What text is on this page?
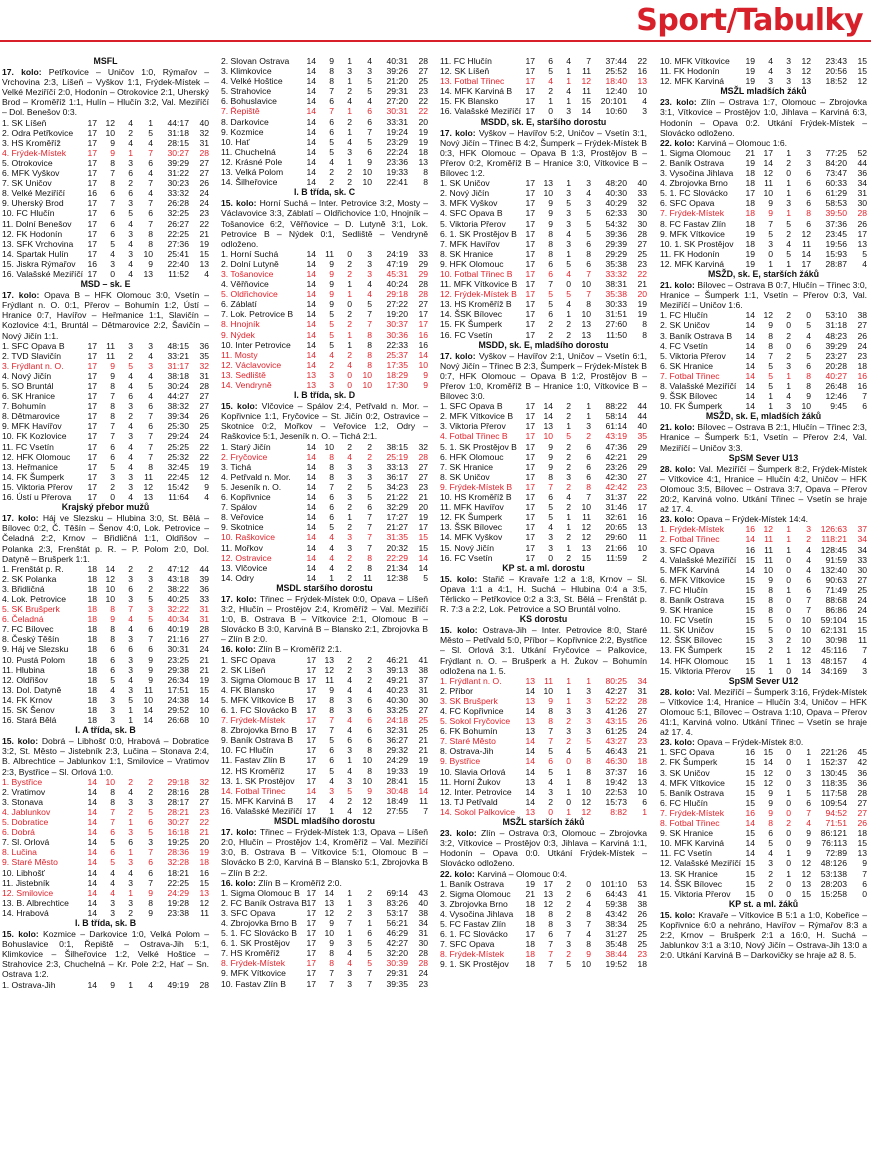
Sport/Tabulky
MSFL
17. kolo: Petřkovice – Uničov 1:0, Rýmařov – Vrchovina 2:3, Líšeň – Vyškov 1:1, Frýdek-Místek – Velké Meziříčí 2:0, Hodonín – Otrokovice 2:1, Uherský Brod – Kroměříž 1:1, Hulín – Hlučín 3:2, Val. Meziříčí – Dol. Benešov 0:3.
1. SK Líšeň	17	12	4	1	44:17	40
2. Odra Petřkovice	17	10	2	5	31:18	32
3. HS Kroměříž	17	9	4	4	28:15	31
4. Frýdek-Místek	17	9	1	7	30:27	28
5. Otrokovice	17	8	3	6	39:29	27
6. MFK Vyškov	17	7	6	4	31:22	27
7. SK Uničov	17	8	2	7	30:23	26
8. Velké Meziříčí	16	6	6	4	33:32	24
9. Uherský Brod	17	7	3	7	26:28	24
10. FC Hlučín	17	6	5	6	32:25	23
11. Dolní Benešov	17	6	4	7	26:27	22
12. FK Hodonín	17	6	3	8	22:25	21
13. SFK Vrchovina	17	5	4	8	27:36	19
14. Spartak Hulín	17	4	3	10	25:41	15
15. Jiskra Rýmařov	16	3	4	9	22:40	13
16. Valašské Meziříčí	17	0	4	13	11:52	4
MSD – sk. E
17. kolo: Opava B – HFK Olomouc 3:0, Vsetín – Frýdlant n. O. 0:1, Přerov – Bohumín 1:2, Ústí – Hranice 0:7, Havířov – Heřmanice 1:1, Slavičín – Kozlovice 4:1, Bruntál – Dětmarovice 2:2, Šavičín – Nový Jičín 1:1.
1. SFC Opava B	17	11	3	3	48:15	36
2. TVD Slavičín	17	11	2	4	33:21	35
3. Frýdlant n. O.	17	9	5	3	31:17	32
4. Nový Jičín	17	9	4	4	38:18	31
5. SO Bruntál	17	8	4	5	30:24	28
6. SK Hranice	17	7	6	4	44:27	27
7. Bohumín	17	8	3	6	38:32	27
8. Dětmarovice	17	8	2	7	39:34	26
9. MFK Havířov	17	7	4	6	25:30	25
10. FK Kozlovice	17	7	3	7	29:24	24
11. FC Vsetín	17	6	4	7	25:25	22
12. HFK Olomouc	17	6	4	7	25:32	22
13. Heřmanice	17	5	4	8	32:45	19
14. FK Šumperk	17	3	3	11	22:45	12
15. Viktoria Přerov	17	2	3	12	15:42	9
16. Ústí u Přerova	17	0	4	13	11:64	4
Krajský přebor mužů
17. kolo: Háj ve Slezsku – Hlubina 3:0, St. Bělá – Bílovec 0:2, Č. Těšín – Šenov 4:0, Lok. Petrovice – Čeladná 2:2, Krnov – Břidličná 1:1, Oldřišov – Polanka 2:3, Frenštát p. R. – P. Polom 2:0, Dol. Datyně – Brušperk 1:1.
1. Frenštát p. R.	18	14	2	2	47:12	44
2. SK Polanka	18	12	3	3	43:18	39
3. Břidličná	18	10	6	2	38:22	36
4. Lok. Petrovice	18	10	3	5	40:25	33
5. SK Brušperk	18	8	7	3	32:22	31
6. Čeladná	18	9	4	5	40:34	31
7. FC Bílovec	18	8	4	6	40:19	28
8. Český Těšín	18	8	3	7	21:16	27
9. Háj ve Slezsku	18	6	6	6	30:31	24
10. Pustá Polom	18	6	3	9	23:25	21
11. Hlubina	18	6	3	9	29:38	21
12. Oldřišov	18	5	4	9	26:34	19
13. Dol. Datyně	18	4	3	11	17:51	15
14. FK Krnov	18	3	5	10	24:38	14
15. SK Šenov	18	3	1	14	29:52	10
16. Stará Bělá	18	3	1	14	26:68	10
I. A třída, sk. B
15. kolo: Dobrá – Libhošť 0:0, Hrabová – Dobratice 3:2, St. Město – Jistebník 2:3, Lučina – Stonava 2:4, B. Albrechtice – Jablunkov 1:1, Smilovice – Vratimov 2:3, Bystřice – Sl. Orlová 1:0.
1. Bystřice	14	10	2	2	29:18	32
2. Vratimov	14	8	4	2	28:16	28
3. Stonava	14	8	3	3	28:17	27
4. Jablunkov	14	7	2	5	28:21	23
5. Dobratice	14	7	1	6	30:27	22
6. Dobrá	14	6	3	5	16:18	21
7. Sl. Orlová	14	5	6	3	19:25	20
8. Lučina	14	6	1	7	28:36	19
9. Staré Město	14	5	3	6	32:28	18
10. Libhošť	14	4	4	6	18:21	16
11. Jistebník	14	4	3	7	22:25	15
12. Smilovice	14	4	1	9	24:29	13
13. B. Albrechtice	14	3	3	8	19:28	12
14. Hrabová	14	3	2	9	23:38	11
I. B třída, sk. B
15. kolo: Kozmice – Darkovice 1:0, Velká Polom – Bohuslavice 0:1, Řepiště – Ostrava-Jih 5:1, Klimkovice – Šilheřovice 1:2, Velké Hoštice – Strahovice 2:3, Chuchelná – Kr. Pole 2:2, Hať – Sn. Ostrava 1:2.
1. Ostrava-Jih	14	9	1	4	49:19	28
2. Slovan Ostrava	14	9	1	4	40:31	28
3. Klimkovice	14	8	3	3	39:26	27
4. Velké Hoštice	14	8	1	5	21:20	25
5. Strahovice	14	7	2	5	29:31	23
6. Bohuslavice	14	6	4	4	27:20	22
7. Řepiště	14	7	1	6	30:31	22
8. Darkovice	14	6	2	6	33:31	20
9. Kozmice	14	6	1	7	19:24	19
10. Hať	14	5	4	5	23:29	19
11. Chuchelná	14	5	3	6	22:24	18
12. Krásné Pole	14	4	1	9	23:36	13
13. Velká Polom	14	2	2	10	19:33	8
14. Šilheřovice	14	2	2	10	22:41	8
I. B třída, sk. C
15. kolo: Horní Suchá – Inter. Petrovice 3:2, Mosty – Václavovice 3:3, Záblatí – Oldřichovice 1:0, Hnojník – Tošanovice 6:2, Věřňovice – D. Lutyně 3:1, Lok. Petrovice B – Nýdek 0:1, Sedliště – Vendryně odloženo.
1. Horní Suchá	14	11	0	3	24:19	33
2. Dolní Lutyně	14	9	2	3	47:19	29
3. Tošanovice	14	9	2	3	45:31	29
4. Věřňovice	14	9	1	4	40:24	28
5. Oldřichovice	14	9	1	4	29:18	28
6. Záblatí	14	9	0	5	27:22	27
7. Lok. Petrovice B	14	5	2	7	19:20	17
8. Hnojník	14	5	2	7	30:37	17
9. Nýdek	14	5	1	8	30:36	16
10. Inter Petrovice	14	5	1	8	22:33	16
11. Mosty	14	4	2	8	25:37	14
12. Václavovice	14	2	4	8	17:35	10
13. Sedliště	13	3	0	10	18:29	9
14. Vendryně	13	3	0	10	17:30	9
I. B třída, sk. D
15. kolo: Vlčovice – Spálov 2:4, Petřvald n. Mor. – Kopřivnice 1:1, Fryčovice – St. Jičín 0:2, Ostravice – Skotnice 0:2, Mořkov – Veřovice 1:2, Odry – Raškovice 5:1, Jeseník n. O. – Tichá 2:1.
1. Starý Jičín	14	10	2	2	38:15	32
2. Fryčovice	14	8	4	2	25:19	28
3. Tichá	14	8	3	3	33:13	27
4. Petřvald n. Mor.	14	8	3	3	36:17	27
5. Jeseník n. O.	14	7	2	5	34:23	23
6. Kopřivnice	14	6	3	5	21:22	21
7. Spálov	14	6	2	6	32:29	20
8. Veřovice	14	6	1	7	17:27	19
9. Skotnice	14	5	2	7	21:27	17
10. Raškovice	14	4	3	7	31:35	15
11. Mořkov	14	4	3	7	20:32	15
12. Ostravice	14	4	2	8	22:29	14
13. Vlčovice	14	4	2	8	21:34	14
14. Odry	14	1	2	11	12:38	5
MSDL staršího dorostu
17. kolo: Třinec – Frýdek-Místek 0:0, Opava – Líšeň 3:2, Hlučín – Prostějov 2:4, Kroměříž – Val. Meziříčí 1:0, B. Ostrava B – Vítkovice 2:1, Olomouc B – Slovácko B 3:0, Karviná B – Blansko 2:1, Zbrojovka B – Zlín B 2:0.
16. kolo: Zlín B – Kroměříž 2:1.
1. SFC Opava	17	13	2	2	46:21	41
2. SK Líšeň	17	12	2	3	39:13	38
3. Sigma Olomouc B	17	11	4	2	49:21	37
4. FK Blansko	17	9	4	4	40:23	31
5. MFK Vítkovice B	17	8	3	6	40:30	30
6. 1. FC Slovácko B	17	8	3	6	33:25	27
7. Frýdek-Místek	17	7	4	6	24:18	25
8. Zbrojovka Brno B	17	7	4	6	32:31	25
9. Baník Ostrava B	17	5	6	6	36:27	21
10. FC Hlučín	17	6	3	8	29:32	21
11. Fastav Zlín B	17	6	1	10	24:29	19
12. HS Kroměříž	17	5	4	8	19:33	19
13. 1. SK Prostějov	17	4	3	10	28:41	15
14. Fotbal Třinec	14	3	5	9	30:48	14
15. MFK Karviná B	17	4	2	12	18:49	11
16. Valašské Meziříčí	17	1	4	12	27:55	7
MSDL mladšího dorostu
17. kolo: Třinec – Frýdek-Místek 1:3, Opava – Líšeň 2:0, Hlučín – Prostějov 1:4, Kroměříž – Val. Meziříčí 3:0, B. Ostrava B – Vítkovice 5:1, Olomouc B – Slovácko B 2:0, Karviná B – Blansko 5:1, Zbrojovka B – Zlín B 2:2.
16. kolo: Zlín B – Kroměříž 2:0.
1. Sigma Olomouc B	17	14	1	2	69:14	43
2. FC Baník Ostrava B	17	13	1	3	83:26	40
3. SFC Opava	17	12	2	3	53:17	38
4. Zbrojovka Brno B	17	9	7	1	56:21	34
5. 1. FC Slovácko B	17	10	1	6	46:29	31
6. 1. SK Prostějov	17	9	3	5	42:27	30
7. HS Kroměříž	17	8	4	5	32:20	28
8. Frýdek-Místek	17	8	4	5	30:39	28
9. MFK Vítkovice	17	7	3	7	29:31	24
10. Fastav Zlín B	17	7	3	7	39:35	23
11. FC Hlučín	17	6	4	7	37:44	22
12. SK Líšeň	17	5	1	11	25:52	16
13. Fotbal Třinec	17	4	1	12	18:40	13
14. MFK Karviná B	17	2	4	11	12:40	10
15. FK Blansko	17	1	1	15	20:101	4
16. Valašské Meziříčí	17	0	3	14	10:60	3
MSDD, sk. E, staršího dorostu
17. kolo: Vyškov – Havířov 5:2, Uničov – Vsetín 3:1, Nový Jičín – Třinec B 4:2, Šumperk – Frýdek-Místek B 0:3, HFK Olomouc – Opava B 1:3, Prostějov B – Přerov 0:2, Kroměříž B – Hranice 3:0, Vítkovice B – Bílovec 1:2.
1. SK Uničov	17	13	1	3	48:20	40
2. Nový Jičín	17	10	3	4	40:30	33
3. MFK Vyškov	17	9	5	3	40:29	32
4. SFC Opava B	17	9	3	5	62:33	30
5. Viktoria Přerov	17	9	3	5	54:32	30
6. 1. SK Prostějov B	17	8	4	5	39:36	28
7. MFK Havířov	17	8	3	6	29:39	27
8. SK Hranice	17	8	1	8	29:29	25
9. HFK Olomouc	17	6	5	6	35:38	23
10. Fotbal Třinec B	17	6	4	7	33:32	22
11. MFK Vítkovice B	17	7	0	10	38:31	21
12. Frýdek-Místek B	17	5	5	7	35:38	20
13. HS Kroměříž B	17	5	4	8	30:33	19
14. ŠSK Bílovec	17	6	1	10	31:51	19
15. FK Šumperk	17	2	2	13	27:60	8
16. FC Vsetín	17	2	2	13	11:50	8
MSDD, sk. E, mladšího dorostu
17. kolo: Vyškov – Havířov 2:1, Uničov – Vsetín 6:1, Nový Jičín – Třinec B 2:3, Šumperk – Frýdek-Místek B 0:7, HFK Olomouc – Opava B 1:2, Prostějov B – Přerov 1:0, Kroměříž B – Hranice 1:0, Vítkovice B – Bílovec 3:0.
1. SFC Opava B	17	14	2	1	88:22	44
2. MFK Vítkovice B	17	14	2	1	58:14	44
3. Viktoria Přerov	17	13	1	3	61:14	40
4. Fotbal Třinec B	17	10	5	2	43:19	35
5. 1. SK Prostějov B	17	9	2	6	47:36	29
6. HFK Olomouc	17	9	2	6	42:21	29
7. SK Hranice	17	9	2	6	23:26	29
8. SK Uničov	17	8	3	6	42:30	27
9. Frýdek-Místek B	17	7	2	8	42:42	23
10. HS Kroměříž B	17	6	4	7	31:37	22
11. MFK Havířov	17	5	2	10	31:46	17
12. FK Šumperk	17	5	1	11	32:61	16
13. ŠSK Bílovec	17	4	1	12	20:65	13
14. MFK Vyškov	17	3	2	12	29:60	11
15. Nový Jičín	17	3	1	13	21:66	10
16. FC Vsetín	17	0	2	15	11:59	2
KP st. a ml. dorostu
15. kolo: Stařič – Kravaře 1:2 a 1:8, Krnov – Sl. Opava 1:1 a 4:1, H. Suchá – Hlubina 0:4 a 3:5, Těrlicko – Petřkovice 0:2 a 3:3, St. Bělá – Frenštát p. R. 7:3 a 2:2, Lok. Petrovice a SO Bruntál volno.
KS dorostu
15. kolo: Ostrava-Jih – Inter. Petrovice 8:0, Staré Město – Petřvald 5:0, Příbor – Kopřivnice 2:2, Bystřice – Sl. Orlová 3:1. Utkání Fryčovice – Palkovice, Frýdlant n. O. – Brušperk a H. Žukov – Bohumín odložena na 1. 5.
1. Frýdlant n. O.	13	11	1	1	80:25	34
2. Příbor	14	10	1	3	42:27	31
3. SK Brušperk	13	9	1	3	52:22	28
4. FC Kopřivnice	14	8	3	3	41:26	27
5. Sokol Fryčovice	13	8	2	3	43:15	26
6. FK Bohumín	13	7	3	3	61:25	24
7. Staré Město	14	7	2	5	43:27	23
8. Ostrava-Jih	14	5	4	5	46:43	21
9. Bystřice	14	6	0	8	46:30	18
10. Slavia Orlová	14	5	1	8	37:37	16
11. Horní Žukov	13	4	1	8	19:42	13
12. Inter. Petrovice	14	3	1	10	22:53	10
13. TJ Petřvald	14	2	0	12	15:73	6
14. Sokol Palkovice	13	0	1	12	8:82	1
MSŽL starších žáků
23. kolo: Zlín – Ostrava 0:3, Olomouc – Zbrojovka 3:2, Vítkovice – Prostějov 0:3, Jihlava – Karviná 1:1, Hodonín – Opava 0:0. Utkání Frýdek-Místek – Slovácko odloženo.
22. kolo: Karviná – Olomouc 0:4.
1. Baník Ostrava	19	17	2	0	101:10	53
2. Sigma Olomouc	21	13	2	6	64:43	41
3. Zbrojovka Brno	18	12	2	4	59:38	38
4. Vysočina Jihlava	18	8	2	8	43:42	26
5. FC Fastav Zlín	18	8	3	7	38:34	25
6. 1. FC Slovácko	17	6	7	4	31:27	25
7. SFC Opava	18	7	3	8	35:48	25
8. Frýdek-Místek	18	7	2	9	38:44	23
9. 1. SK Prostějov	18	7	5	10	19:52	18
10. MFK Vítkovice	19	4	3	12	23:43	15
11. FK Hodonín	19	4	3	12	20:56	15
12. MFK Karviná	19	3	3	13	18:52	12
MSŽL mladších žáků
23. kolo: Zlín – Ostrava 1:7, Olomouc – Zbrojovka 3:1, Vítkovice – Prostějov 1:0, Jihlava – Karviná 6:3, Hodonín – Opava 0:2. Utkání Frýdek-Místek – Slovácko odloženo.
22. kolo: Karviná – Olomouc 1:6.
1. Sigma Olomouc	21	17	1	3	77:25	52
2. Baník Ostrava	19	14	2	3	84:20	44
3. Vysočina Jihlava	18	12	0	6	73:47	36
4. Zbrojovka Brno	18	11	1	6	60:33	34
5. 1. FC Slovácko	17	10	1	6	61:29	31
6. SFC Opava	18	9	3	6	58:53	30
7. Frýdek-Místek	18	9	1	8	39:50	28
8. FC Fastav Zlín	18	7	5	6	37:36	26
9. MFK Vítkovice	19	5	2	12	23:45	17
10. 1. SK Prostějov	18	3	4	11	19:56	13
11. FK Hodonín	19	0	5	14	15:93	5
12. MFK Karviná	19	1	1	17	28:87	4
MSŽD, sk. E, starších žáků
21. kolo: Bílovec – Ostrava B 0:7, Hlučín – Třinec 3:0, Hranice – Šumperk 1:1, Vsetín – Přerov 0:3, Val. Meziříčí – Uničov 1:6.
1. FC Hlučín	14	12	2	0	53:10	38
2. SK Uničov	14	9	0	5	31:18	27
3. Baník Ostrava B	14	8	2	4	48:23	26
4. FC Vsetín	14	8	0	6	39:29	24
5. Viktoria Přerov	14	7	2	5	23:27	23
6. SK Hranice	14	5	3	6	20:28	18
7. Fotbal Třinec	14	5	1	8	40:27	16
8. Valašské Meziříčí	14	5	1	8	26:48	16
9. ŠSK Bílovec	14	1	4	9	12:46	7
10. FK Šumperk	14	1	3	10	9:45	6
MSŽD, sk. E, mladších žáků
21. kolo: Bílovec – Ostrava B 2:1, Hlučín – Třinec 2:3, Hranice – Šumperk 5:1, Vsetín – Přerov 2:4, Val. Meziříčí – Uničov 3:3.
SpSM Sever U13
28. kolo: Val. Meziříčí – Šumperk 8:2, Frýdek-Místek – Vítkovice 4:1, Hranice – Hlučín 4:2, Uničov – HFK Olomouc 3:5, Bílovec – Ostrava 3:7, Opava – Přerov 20:2, Karviná volno. Utkání Třinec – Vsetín se hraje až 17. 4.
23. kolo: Opava – Frýdek-Místek 14:4.
1. Frýdek-Místek	16	12	1	3	126:63	37
2. Fotbal Třinec	14	11	1	2	118:21	34
3. SFC Opava	16	11	1	4	128:45	34
4. Valašské Meziříčí	15	11	0	4	91:59	33
5. MFK Karviná	14	10	0	4	132:40	30
6. MFK Vítkovice	15	9	0	6	90:63	27
7. FC Hlučín	15	8	1	6	71:49	25
8. Baník Ostrava	15	8	0	7	88:68	24
9. SK Hranice	15	8	0	7	86:86	24
10. FC Vsetín	15	5	0	10	59:104	15
11. SK Uničov	15	5	0	10	62:131	15
12. ŠSK Bílovec	15	3	2	10	30:98	11
13. FK Šumperk	15	2	1	12	45:116	7
14. HFK Olomouc	15	1	1	13	48:157	4
15. Viktoria Přerov	15	1	0	14	34:169	3
SpSM Sever U12
28. kolo: Val. Meziříčí – Šumperk 3:16, Frýdek-Místek – Vítkovice 1:4, Hranice – Hlučín 3:4, Uničov – HFK Olomouc 5:1, Bílovec – Ostrava 1:10, Opava – Přerov 41:1, Karviná volno. Utkání Třinec – Vsetín se hraje až 17. 4.
23. kolo: Opava – Frýdek-Místek 8:0.
1. SFC Opava	16	15	0	1	221:26	45
2. FK Šumperk	15	14	0	1	152:37	42
3. SK Uničov	15	12	0	3	130:45	36
4. MFK Vítkovice	15	12	0	3	118:35	36
5. Baník Ostrava	15	9	1	5	117:58	28
6. FC Hlučín	15	9	0	6	109:54	27
7. Frýdek-Místek	16	9	0	7	94:52	27
8. Fotbal Třinec	14	8	2	4	71:51	26
9. SK Hranice	15	6	0	9	86:121	18
10. MFK Karviná	14	5	0	9	76:113	15
11. FC Vsetín	14	4	1	9	72:89	13
12. Valašské Meziříčí	15	3	0	12	48:126	9
13. SK Hranice	15	2	1	12	53:138	7
14. ŠSK Bílovec	15	2	0	13	28:203	6
15. Viktoria Přerov	15	0	0	15	15:258	0
KP st. a ml. žáků
15. kolo: Kravaře – Vítkovice B 5:1 a 1:0, Kobeřice – Kopřivnice 6:0 a nehráno, Havířov – Rýmařov 8:3 a 2:2, Krnov – Brušperk 2:1 a 16:0, H. Suchá – Jablunkov 3:1 a 3:10, Nový Jičín – Ostrava-Jih 13:0 a 2:0. Utkání Karviná B – Darkovičky se hraje až 8. 5.
